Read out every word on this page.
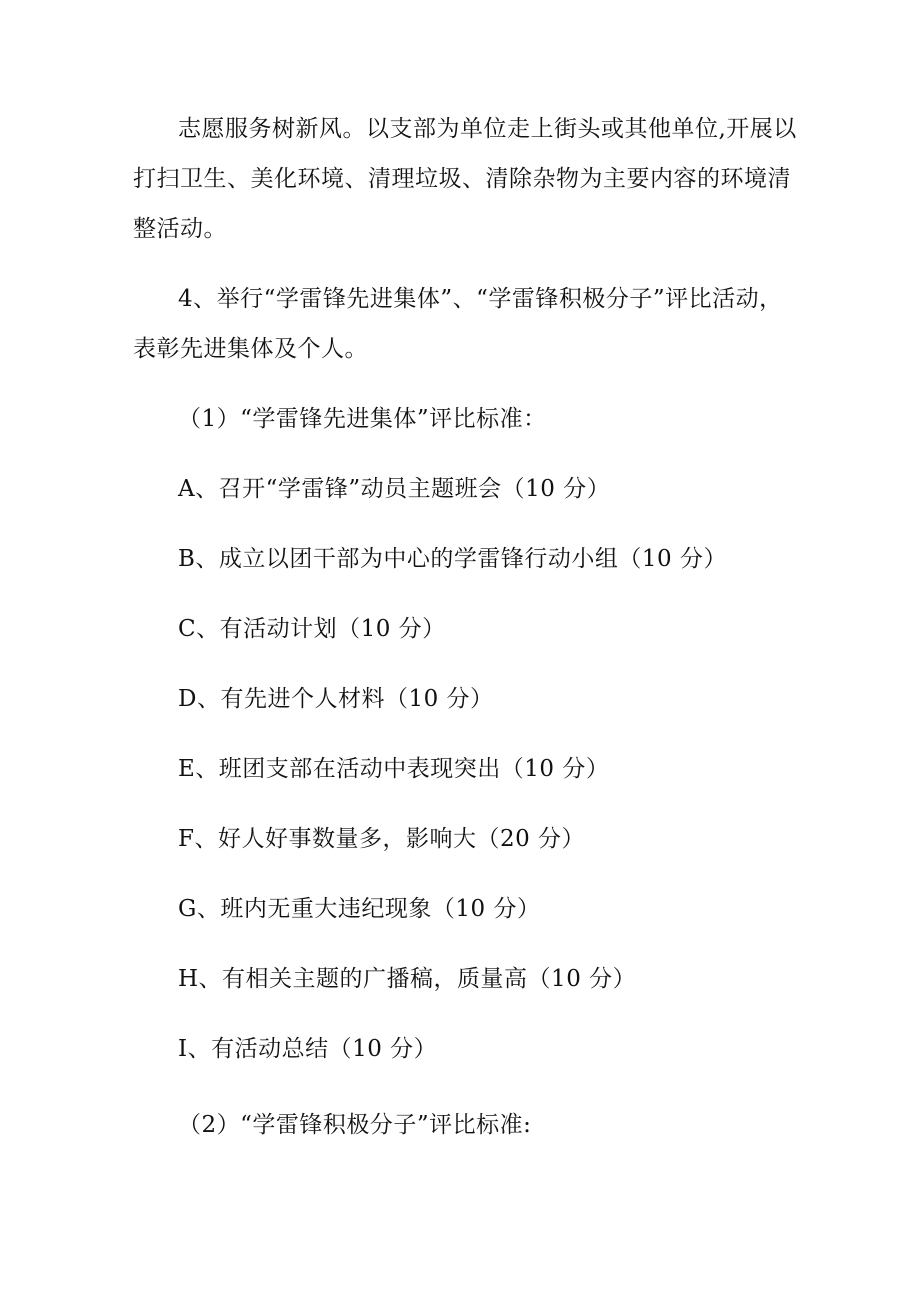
志愿服务树新风。以支部为单位走上街头或其他单位,开展以
打扫卫生、美化环境、清理垃圾、清除杂物为主要内容的环境清
整活动。
4、举行“学雷锋先进集体”、“学雷锋积极分子”评比活动，
表彰先进集体及个人。
（1）“学雷锋先进集体”评比标准：
A、召开“学雷锋”动员主题班会（10 分）
B、成立以团干部为中心的学雷锋行动小组（10 分）
C、有活动计划（10 分）
D、有先进个人材料（10 分）
E、班团支部在活动中表现突出（10 分）
F、好人好事数量多，影响大（20 分）
G、班内无重大违纪现象（10 分）
H、有相关主题的广播稿，质量高（10 分）
I、有活动总结（10 分）
（2）“学雷锋积极分子”评比标准:
